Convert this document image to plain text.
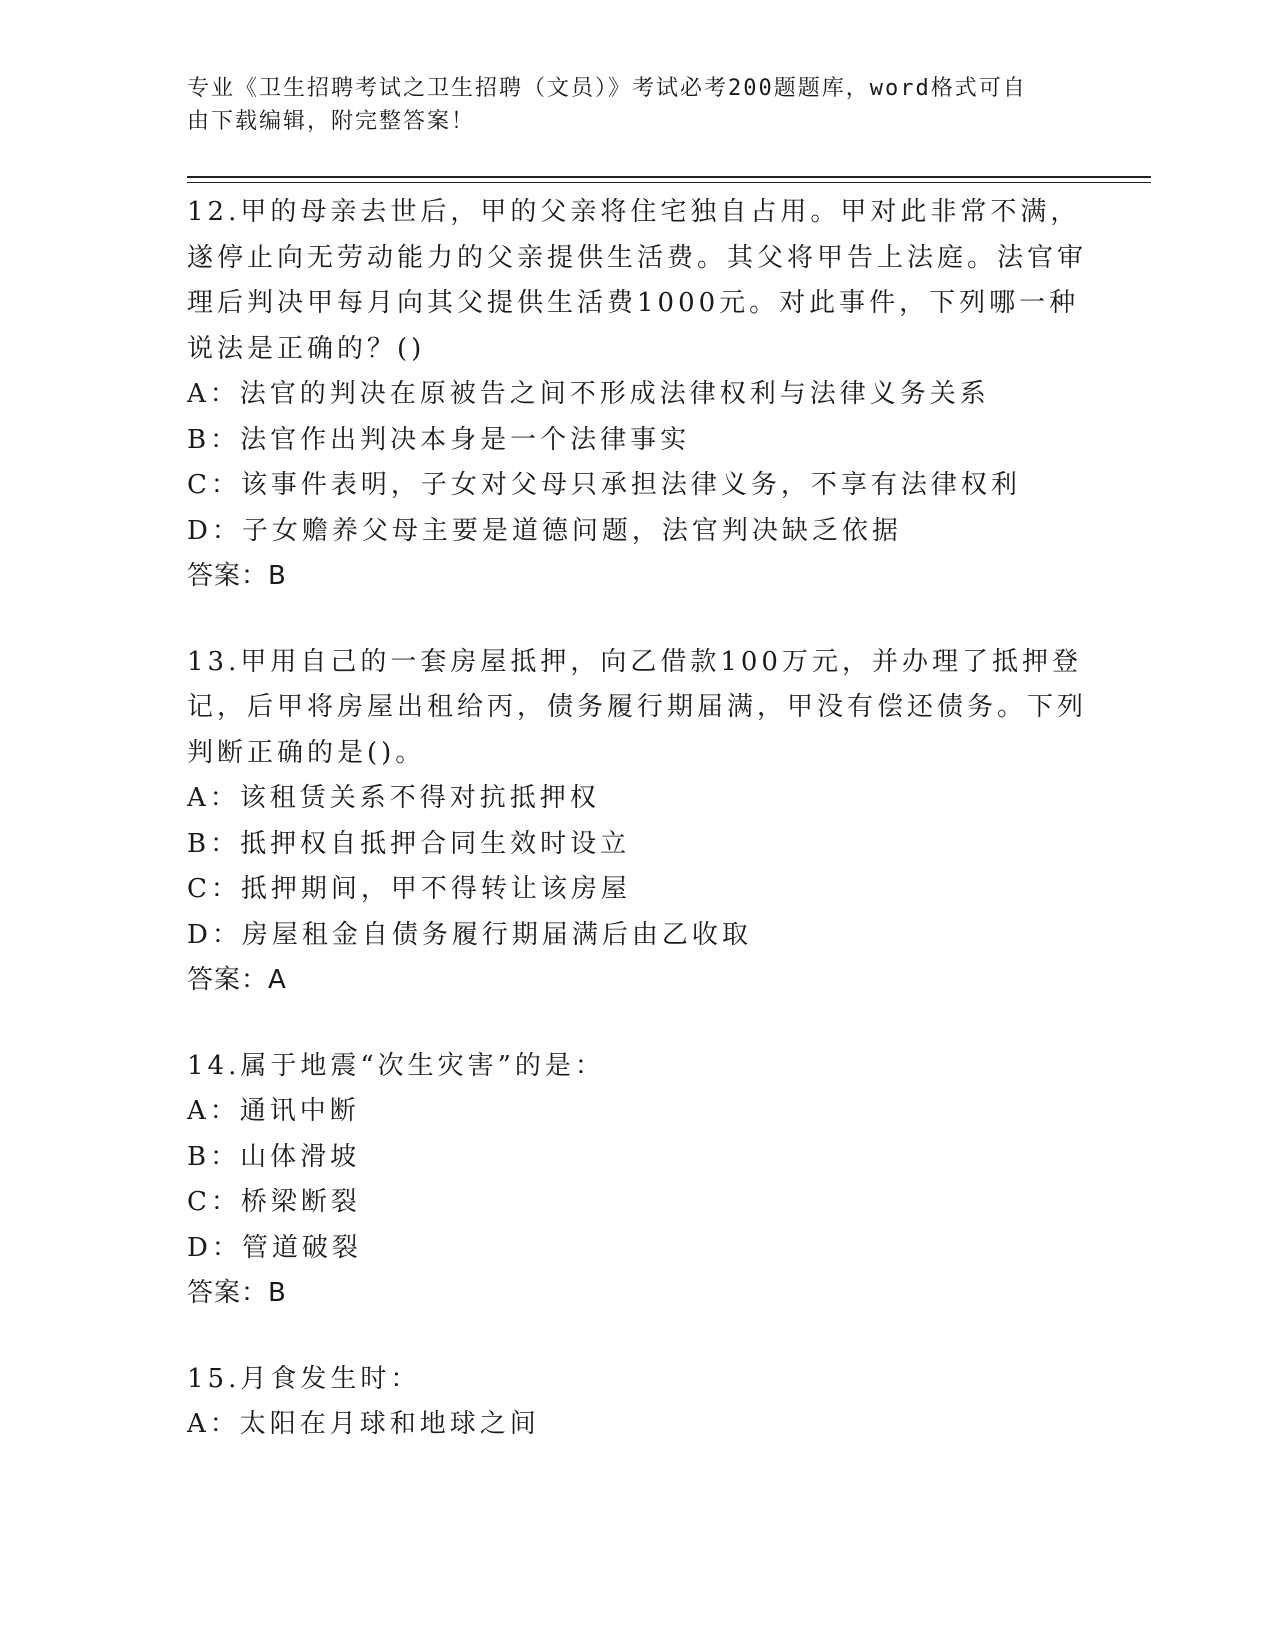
专业《卫生招聘考试之卫生招聘（文员）》考试必考200题题库，word格式可自
由下载编辑，附完整答案！

12.甲的母亲去世后，甲的父亲将住宅独自占用。甲对此非常不满，遂停止向无劳动能力的父亲提供生活费。其父将甲告上法庭。法官审理后判决甲每月向其父提供生活费1000元。对此事件，下列哪一种说法是正确的？()

A：法官的判决在原被告之间不形成法律权利与法律义务关系

B：法官作出判决本身是一个法律事实

C：该事件表明，子女对父母只承担法律义务，不享有法律权利

D：子女赡养父母主要是道德问题，法官判决缺乏依据

答案：B

13.甲用自己的一套房屋抵押，向乙借款100万元，并办理了抵押登记，后甲将房屋出租给丙，债务履行期届满，甲没有偿还债务。下列判断正确的是()。

A：该租赁关系不得对抗抵押权

B：抵押权自抵押合同生效时设立

C：抵押期间，甲不得转让该房屋

D：房屋租金自债务履行期届满后由乙收取

答案：A

14.属于地震“次生灾害”的是：

A：通讯中断

B：山体滑坡

C：桥梁断裂

D：管道破裂

答案：B

15.月食发生时：

A：太阳在月球和地球之间
